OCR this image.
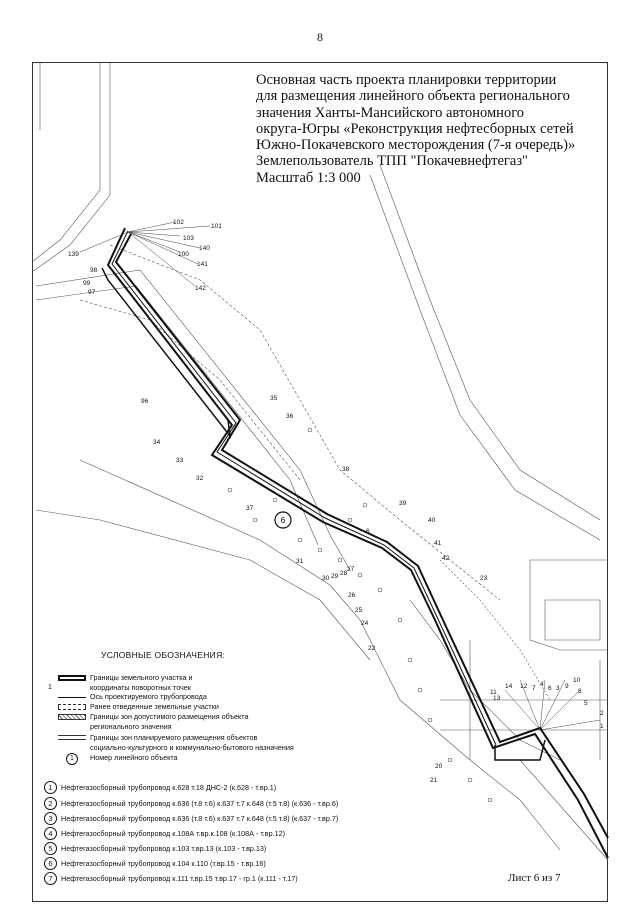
8
6
102
101
103
139
140
100
141
98
99
97
142
96	35
36
34
33
32
38
37
39
40
6
31
41
42
30 29 28
27
26
23
25
24
22
14
11
12
13
10
9
8
5
6
7
4
3
2
1
20
21
Основная часть проекта планировки территории
для размещения линейного объекта регионального
значения Ханты-Мансийского автономного
округа-Югры «Реконструкция нефтесборных сетей
Южно-Покачевского месторождения (7-я очередь)»
Землепользователь ТПП "Покачевнефтегаз"
Масштаб 1:3 000
УСЛОВНЫЕ ОБОЗНАЧЕНИЯ:
1
Границы земельного участка и
координаты поворотных точек
Ось проектируемого трубопровода
Ранее отведенные земельные участки
Границы зон допустимого размещения объекта
регионального значения
Границы зон планируемого размещения объектов
социально-культурного и коммунально-бытового назначения
1	Номер линейного объекта
1	Нефтегазосборный трубопровод к.628 т.18 ДНС-2 (к.628 - т.вр.1)
2	Нефтегазосборный трубопровод к.636 (т.8 т.6) к.637 т.7 к.648 (т.5 т.8) (к.636 - т.вр.6)
3	Нефтегазосборный трубопровод к.636 (т.8 т.6) к.637 т.7 к.648 (т.5 т.8) (к.637 - т.вр.7)
4	Нефтегазосборный трубопровод к.108А т.вр.к.108 (к.108А - т.вр.12)
5	Нефтегазосборный трубопровод к.103 т.вр.13 (к.103 - т.вр.13)
6	Нефтегазосборный трубопровод к.104 к.110 (т.вр.15 - т.вр.16)
7	Нефтегазосборный трубопровод к.111 т.вр.15 т.вр.17 - гр.1 (к.111 - т.17)	Лист 6 из 7
